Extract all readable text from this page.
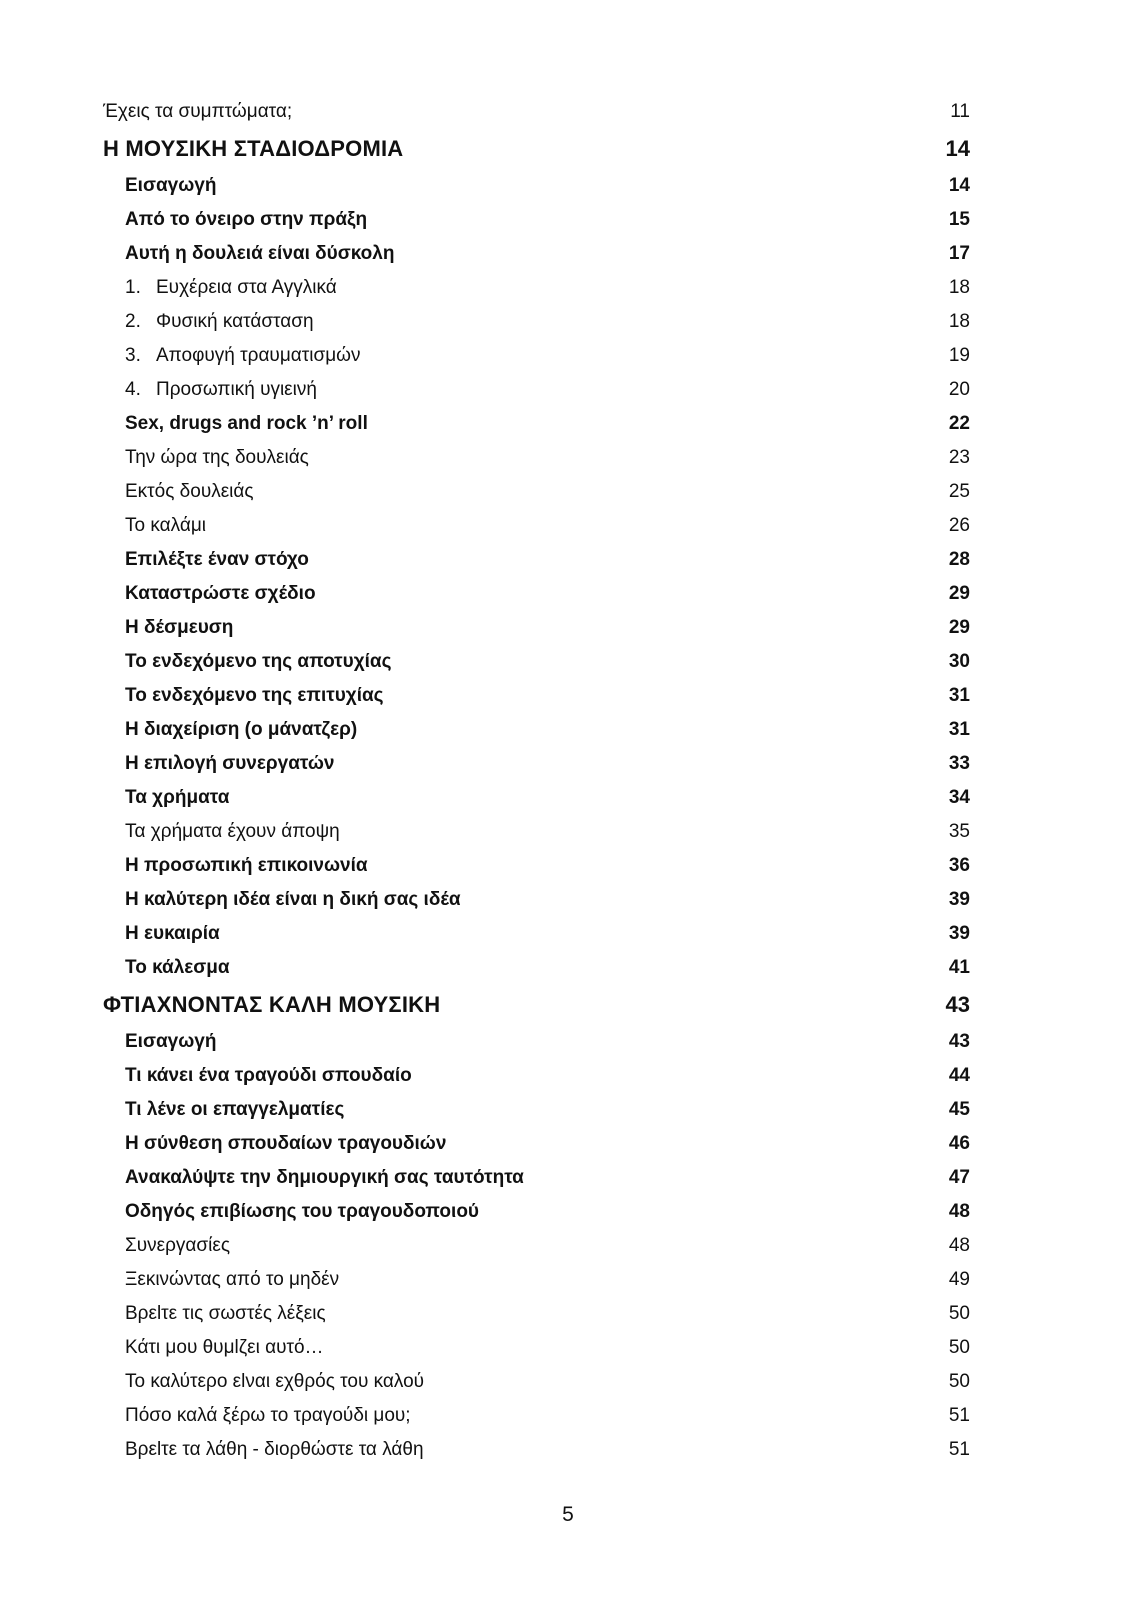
Έχεις τα συμπτώματα;	11
Η ΜΟΥΣΙΚΗ ΣΤΑΔΙΟΔΡΟΜΙΑ	14
Εισαγωγή	14
Από το όνειρο στην πράξη	15
Αυτή η δουλειά είναι δύσκολη	17
1. Ευχέρεια στα Αγγλικά	18
2. Φυσική κατάσταση	18
3. Αποφυγή τραυματισμών	19
4. Προσωπική υγιεινή	20
Sex, drugs and rock ’n’ roll	22
Την ώρα της δουλειάς	23
Εκτός δουλειάς	25
Το καλάμι	26
Επιλέξτε έναν στόχο	28
Καταστρώστε σχέδιο	29
Η δέσμευση	29
Το ενδεχόμενο της αποτυχίας	30
Το ενδεχόμενο της επιτυχίας	31
Η διαχείριση (ο μάνατζερ)	31
Η επιλογή συνεργατών	33
Τα χρήματα	34
Τα χρήματα έχουν άποψη	35
Η προσωπική επικοινωνία	36
Η καλύτερη ιδέα είναι η δική σας ιδέα	39
Η ευκαιρία	39
Το κάλεσμα	41
ΦΤΙΑΧΝΟΝΤΑΣ ΚΑΛΗ ΜΟΥΣΙΚΗ	43
Εισαγωγή	43
Τι κάνει ένα τραγούδι σπουδαίο	44
Τι λένε οι επαγγελματίες	45
Η σύνθεση σπουδαίων τραγουδιών	46
Ανακαλύψτε την δημιουργική σας ταυτότητα	47
Οδηγός επιβίωσης του τραγουδοποιού	48
Συνεργασίες	48
Ξεκινώντας από το μηδέν	49
Βρεlτε τις σωστές λέξεις	50
Κάτι μου θυμlζει αυτό…	50
Το καλύτερο εlναι εχθρός του καλού	50
Πόσο καλά ξέρω το τραγούδι μου;	51
Βρεlτε τα λάθη - διορθώστε τα λάθη	51
5
